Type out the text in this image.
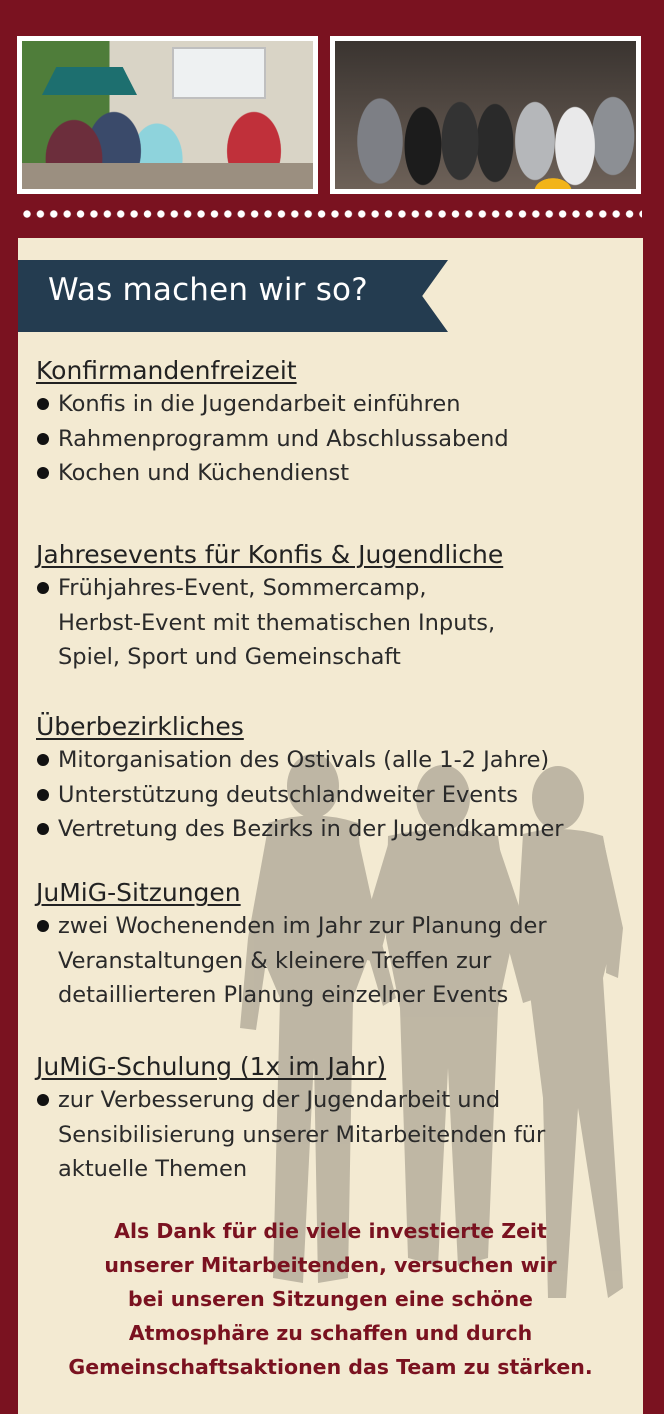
Was machen wir so?
Konfirmandenfreizeit
Konfis in die Jugendarbeit einführen
Rahmenprogramm und Abschlussabend
Kochen und Küchendienst
Jahresevents für Konfis & Jugendliche
Frühjahres-Event, Sommercamp,
Herbst-Event mit thematischen Inputs,
Spiel, Sport und Gemeinschaft
Überbezirkliches
Mitorganisation des Ostivals (alle 1-2 Jahre)
Unterstützung deutschlandweiter Events
Vertretung des Bezirks in der Jugendkammer
JuMiG-Sitzungen
zwei Wochenenden im Jahr zur Planung der
Veranstaltungen & kleinere Treffen zur
detaillierteren Planung einzelner Events
JuMiG-Schulung (1x im Jahr)
zur Verbesserung der Jugendarbeit und
Sensibilisierung unserer Mitarbeitenden für
aktuelle Themen
Als Dank für die viele investierte Zeit
unserer Mitarbeitenden, versuchen wir
bei unseren Sitzungen eine schöne
Atmosphäre zu schaffen und durch
Gemeinschaftsaktionen das Team zu stärken.
